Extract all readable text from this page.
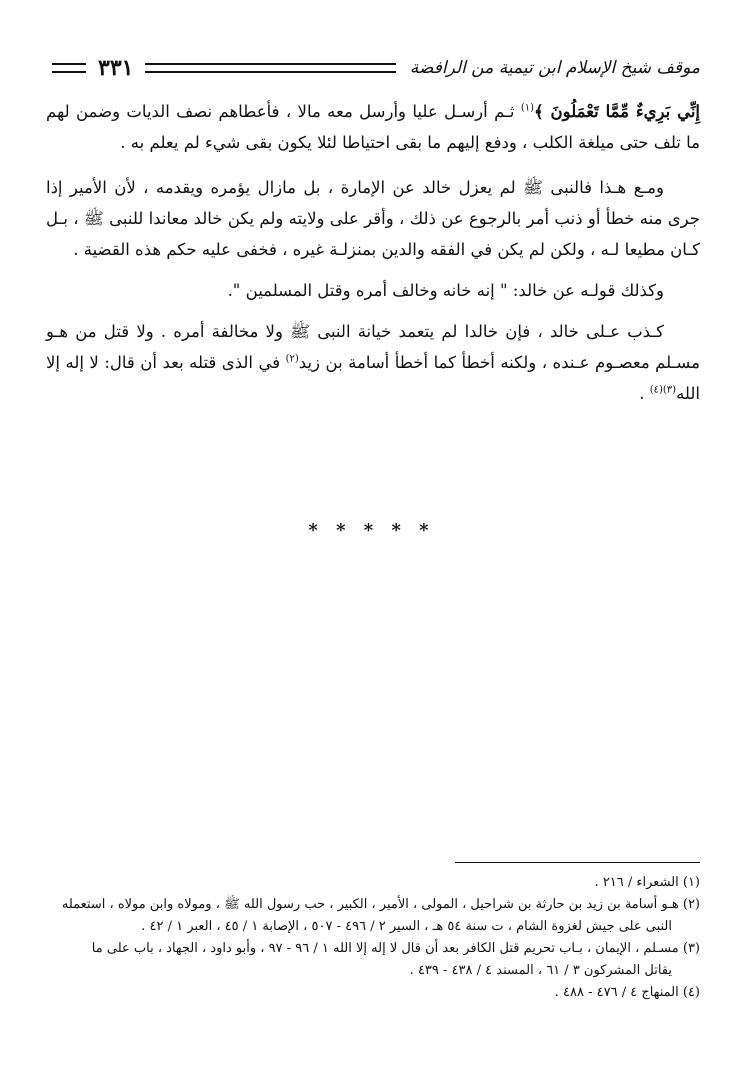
موقف شيخ الإسلام ابن تيمية من الرافضة
٣٣١

إِنِّي بَرِيءٌ مِّمَّا تَعْمَلُونَ ﴾$^{(١)}$ ثـم أرسـل عليا وأرسل معه مالا ، فأعطاهم نصف الديات وضمن لهم ما تلف حتى ميلغة الكلب ، ودفع إليهم ما بقى احتياطا لئلا يكون بقى شيء لم يعلم به .

ومـع هـذا فالنبى ﷺ لم يعزل خالد عن الإمارة ، بل مازال يؤمره ويقدمه ، لأن الأمير إذا جرى منه خطأ أو ذنب أمر بالرجوع عن ذلك ، وأقر على ولايته ولم يكن خالد معاندا للنبى ﷺ ، بـل كـان مطيعا لـه ، ولكن لم يكن في الفقه والدين بمنزلـة غيره ، فخفى عليه حكم هذه القضية .

وكذلك قولـه عن خالد: " إنه خانه وخالف أمره وقتل المسلمين ".

كـذب عـلى خالد ، فإن خالدا لم يتعمد خيانة النبى ﷺ ولا مخالفة أمره . ولا قتل من هـو مسـلم معصـوم عـنده ، ولكنه أخطأ كما أخطأ أسامة بن زيد$^{(٢)}$ في الذى قتله بعد أن قال: لا إله إلا الله$^{(٣)(٤)}$ .

* * * * *

(١) الشعراء / ٢١٦ .

(٢) هـو أسامة بن زيد بن حارثة بن شراحيل ، المولى ، الأمير ، الكبير ، حب رسول الله ﷺ ، ومولاه وابن مولاه ، استعمله

النبى على جيش لغزوة الشام ، ت سنة ٥٤ هـ ، السير ٢ / ٤٩٦ - ٥٠٧ ، الإصابة ١ / ٤٥ ، العبر ١ / ٤٢ .

(٣) مسـلم ، الإيمان ، بـاب تحريم قتل الكافر بعد أن قال لا إله إلا الله ١ / ٩٦ - ٩٧ ، وأبو داود ، الجهاد ، باب على ما

يقاتل المشركون ٣ / ٦١ ، المسند ٤ / ٤٣٨ - ٤٣٩ .

(٤) المنهاج ٤ / ٤٧٦ - ٤٨٨ .
